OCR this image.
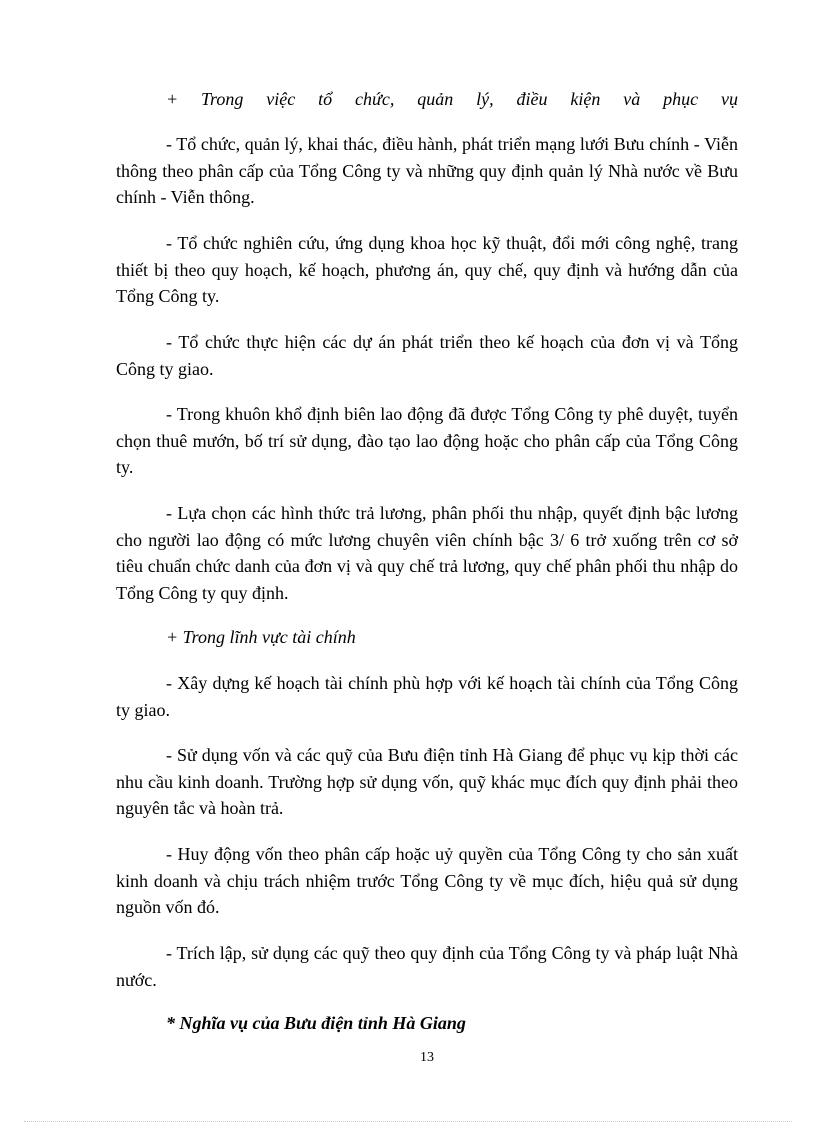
+ Trong việc tổ chức, quản lý, điều kiện và phục vụ

- Tổ chức, quản lý, khai thác, điều hành, phát triển mạng lưới Bưu chính - Viễn thông theo phân cấp của Tổng Công ty và những quy định quản lý Nhà nước về Bưu chính - Viễn thông.

- Tổ chức nghiên cứu, ứng dụng khoa học kỹ thuật, đổi mới công nghệ, trang thiết bị theo quy hoạch, kế hoạch, phương án, quy chế, quy định và hướng dẫn của Tổng Công ty.

- Tổ chức thực hiện các dự án phát triển theo kế hoạch của đơn vị và Tổng Công ty giao.

- Trong khuôn khổ định biên lao động đã được Tổng Công ty phê duyệt, tuyển chọn thuê mướn, bố trí sử dụng, đào tạo lao động hoặc cho phân cấp của Tổng Công ty.

- Lựa chọn các hình thức trả lương, phân phối thu nhập, quyết định bậc lương cho người lao động có mức lương chuyên viên chính bậc 3/ 6 trở xuống trên cơ sở tiêu chuẩn chức danh của đơn vị và quy chế trả lương, quy chế phân phối thu nhập do Tổng Công ty quy định.

+ Trong lĩnh vực tài chính

- Xây dựng kế hoạch tài chính phù hợp với kế hoạch tài chính của Tổng Công ty giao.

- Sử dụng vốn và các quỹ của Bưu điện tỉnh Hà Giang để phục vụ kịp thời các nhu cầu kinh doanh. Trường hợp sử dụng vốn, quỹ khác mục đích quy định phải theo nguyên tắc và hoàn trả.

- Huy động vốn theo phân cấp hoặc uỷ quyền của Tổng Công ty cho sản xuất kinh doanh và chịu trách nhiệm trước Tổng Công ty về mục đích, hiệu quả sử dụng nguồn vốn đó.

- Trích lập, sử dụng các quỹ theo quy định của Tổng Công ty và pháp luật Nhà nước.

* Nghĩa vụ của Bưu điện tỉnh Hà Giang

13
